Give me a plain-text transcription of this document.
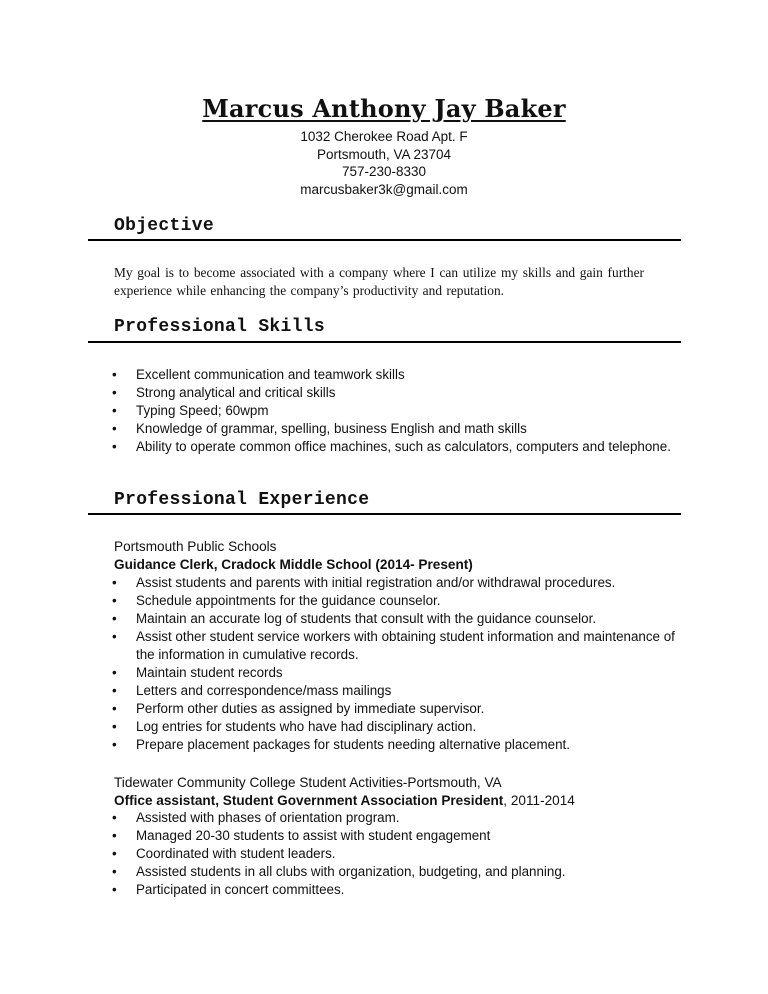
Marcus Anthony Jay Baker
1032 Cherokee Road Apt. F
Portsmouth, VA 23704
757-230-8330
marcusbaker3k@gmail.com
Objective
My goal is to become associated with a company where I can utilize my skills and gain further experience while enhancing the company’s productivity and reputation.
Professional Skills
• Excellent communication and teamwork skills
• Strong analytical and critical skills
• Typing Speed; 60wpm
• Knowledge of grammar, spelling, business English and math skills
• Ability to operate common office machines, such as calculators, computers and telephone.
Professional Experience
Portsmouth Public Schools
Guidance Clerk, Cradock Middle School (2014- Present)
• Assist students and parents with initial registration and/or withdrawal procedures.
• Schedule appointments for the guidance counselor.
• Maintain an accurate log of students that consult with the guidance counselor.
• Assist other student service workers with obtaining student information and maintenance of the information in cumulative records.
• Maintain student records
• Letters and correspondence/mass mailings
• Perform other duties as assigned by immediate supervisor.
• Log entries for students who have had disciplinary action.
• Prepare placement packages for students needing alternative placement.
Tidewater Community College Student Activities-Portsmouth, VA
Office assistant, Student Government Association President, 2011-2014
• Assisted with phases of orientation program.
• Managed 20-30 students to assist with student engagement
• Coordinated with student leaders.
• Assisted students in all clubs with organization, budgeting, and planning.
• Participated in concert committees.
